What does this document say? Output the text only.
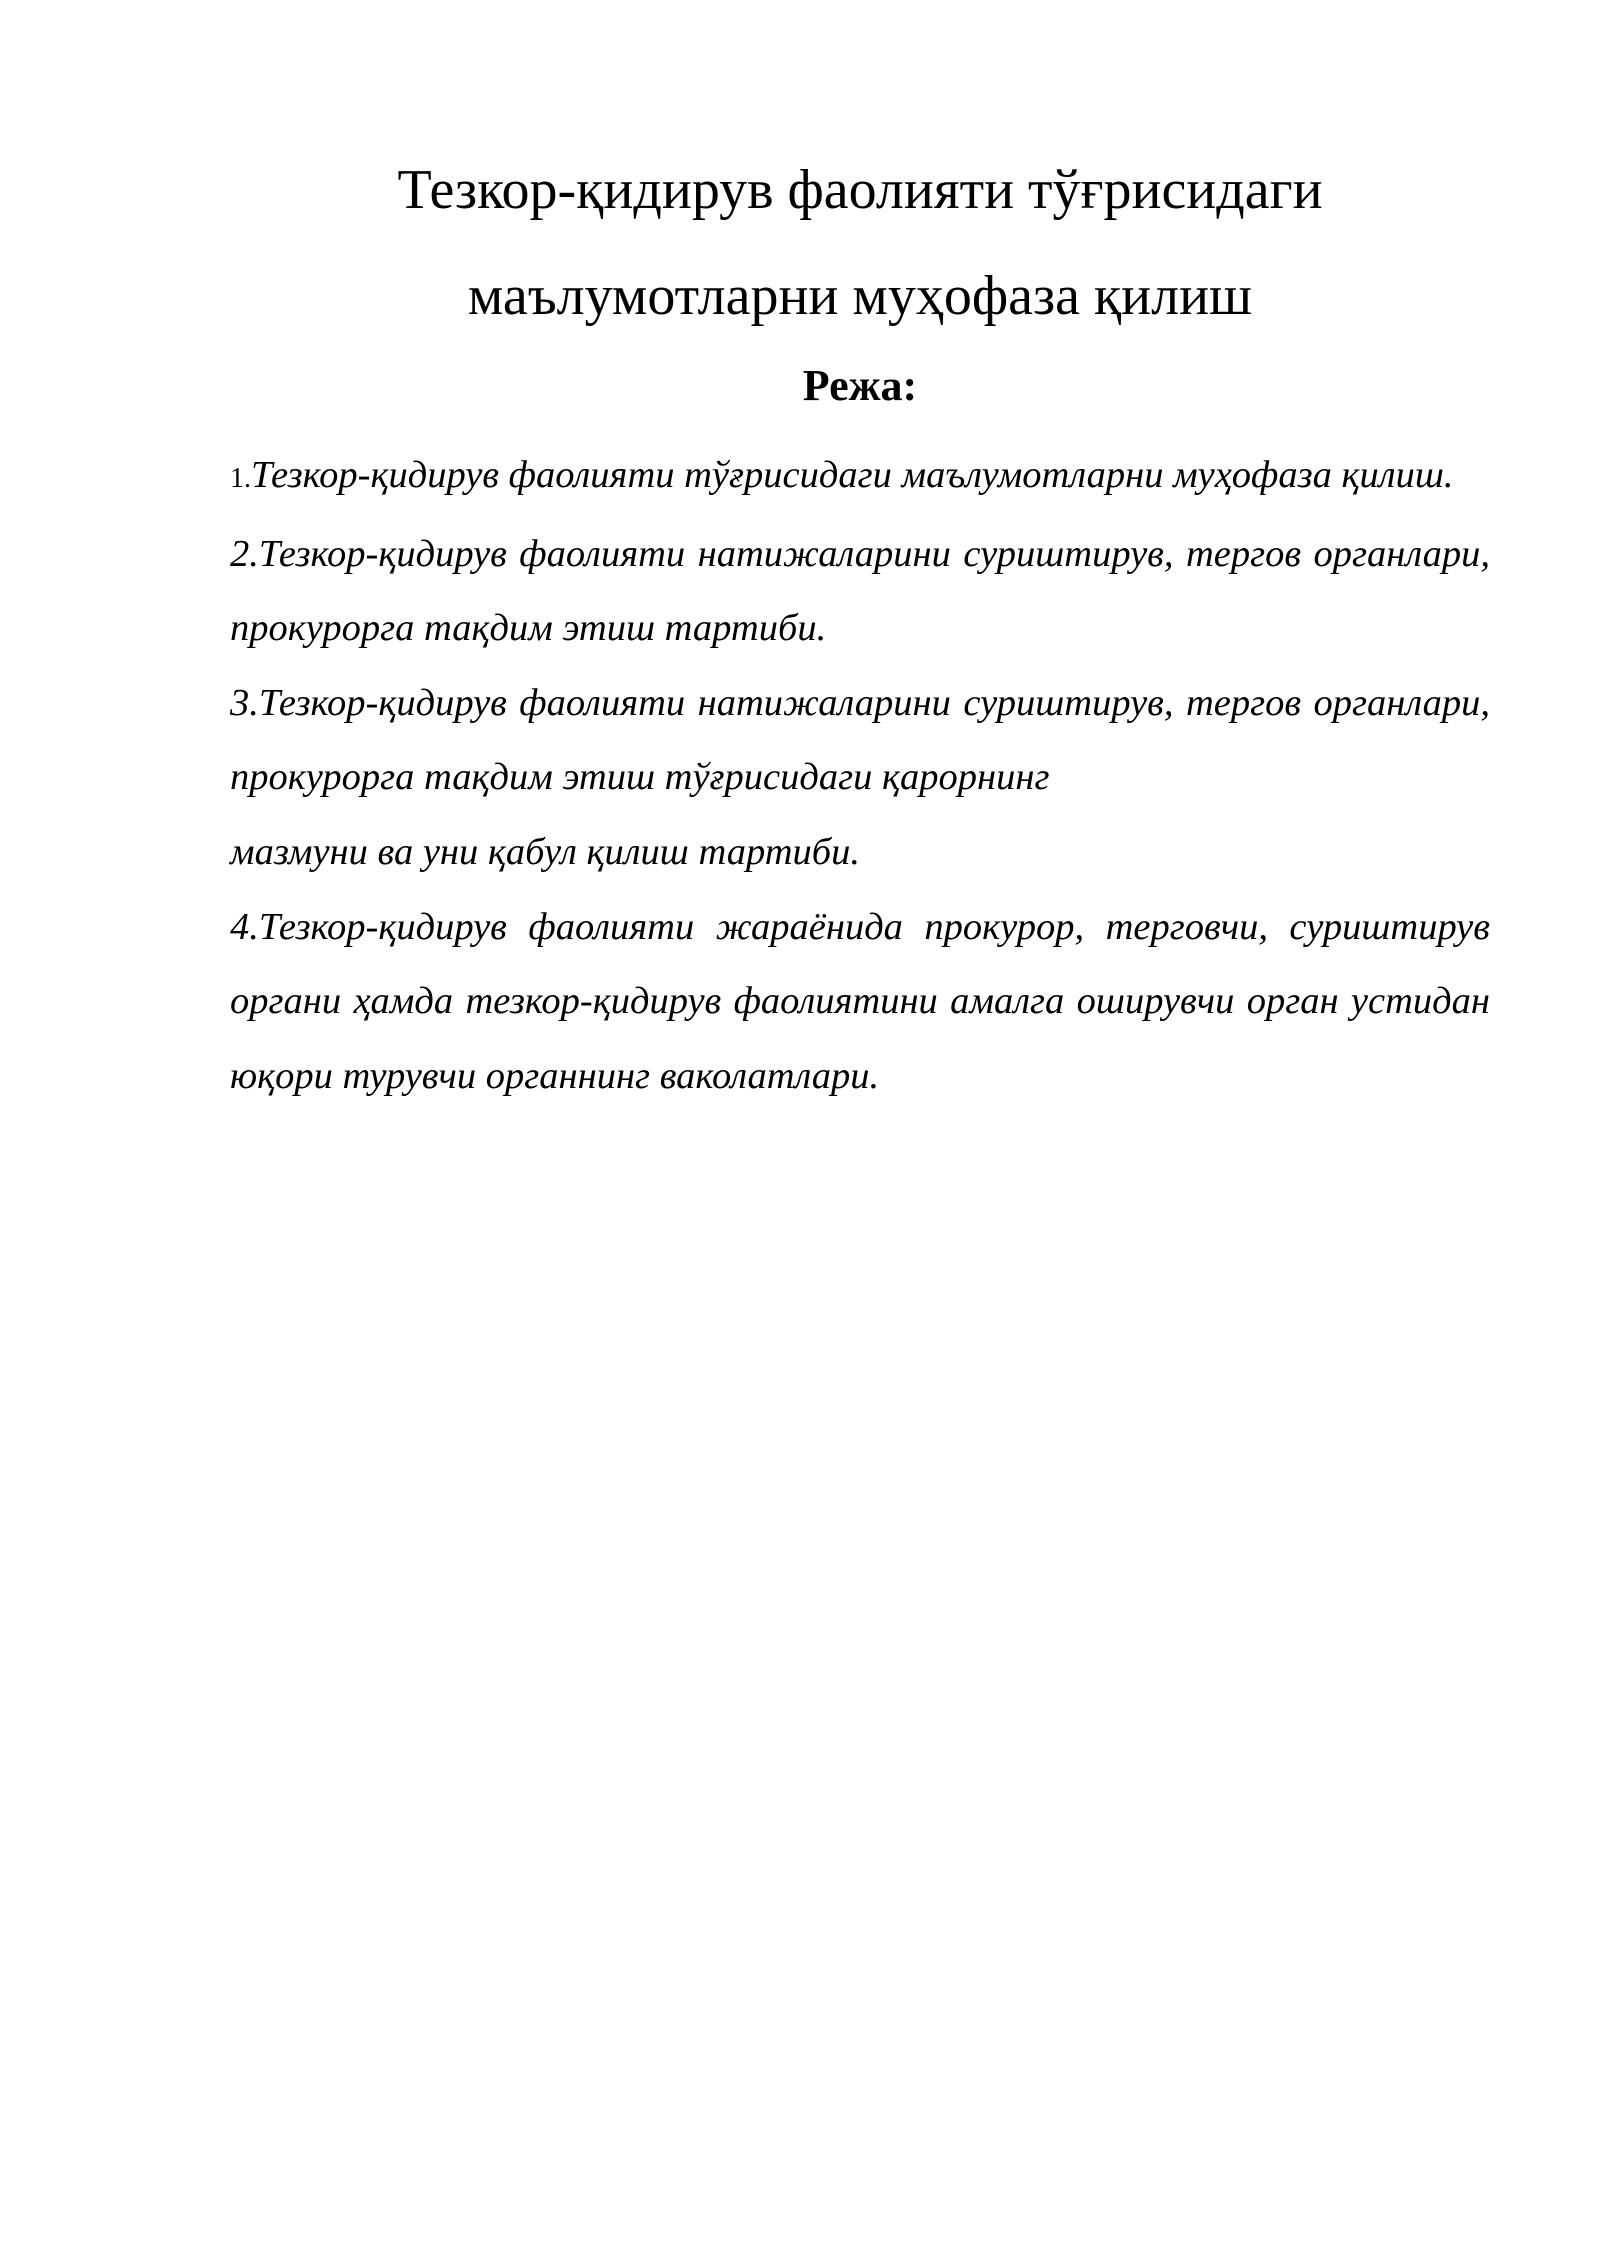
Тезкор-қидирув фаолияти тўғрисидаги
маълумотларни муҳофаза қилиш
Режа:

1.Тезкор-қидирув фаолияти тўғрисидаги маълумотларни муҳофаза қилиш.

2.Тезкор-қидирув фаолияти натижаларини суриштирув, тергов органлари, прокурорга тақдим этиш тартиби.

3.Тезкор-қидирув фаолияти натижаларини суриштирув, тергов органлари, прокурорга тақдим этиш тўғрисидаги қарорнинг
мазмуни ва уни қабул қилиш тартиби.

4.Тезкор-қидирув фаолияти жараёнида прокурор, терговчи, суриштирув органи ҳамда тезкор-қидирув фаолиятини амалга оширувчи орган устидан юқори турувчи органнинг ваколатлари.
